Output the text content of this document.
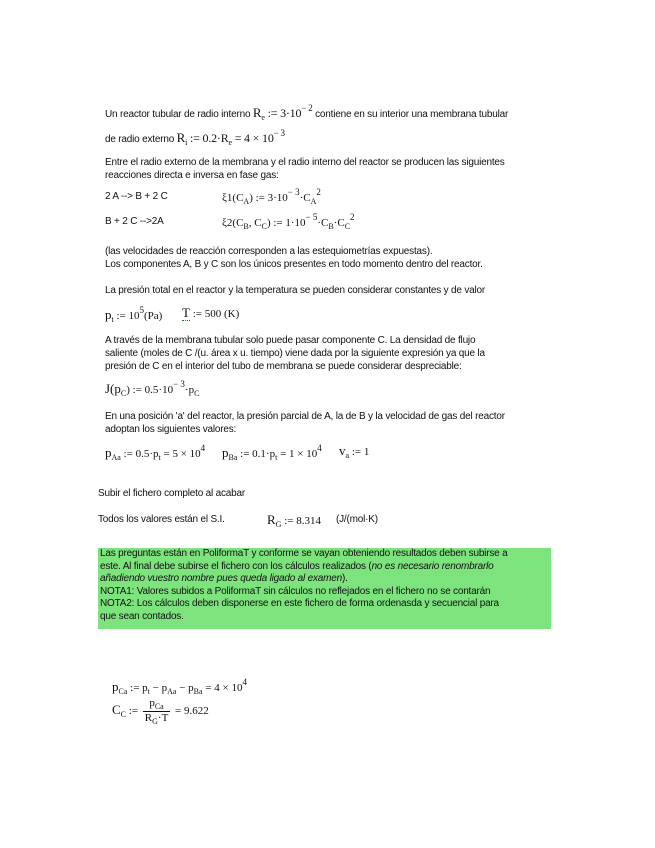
Un reactor tubular de radio interno $R_e$ := $3\cdot 10^{- 2}$ contiene en su interior una membrana tubular
de radio externo $R_i$ := $0.2\cdot R_e = 4 \times 10^{- 3}$
Entre el radio externo de la membrana y el radio interno del reactor se producen las siguientes
reacciones directa e inversa en fase gas:
2 A --> B + 2 C	$\xi 1(C_A)$ := $3\cdot 10^{- 3}\cdot C_A^2$
B + 2 C -->2A	$\xi 2(C_B$, $C_C$) := $1\cdot 10^{- 5}\cdot C_B\cdot C_C^2$
(las velocidades de reacción corresponden a las estequiometrías expuestas).
Los componentes A, B y C son los únicos presentes en todo momento dentro del reactor.
La presión total en el reactor y la temperatura se pueden considerar constantes y de valor
$p_t$ := $10^5(Pa)$ T := 500 (K)
A través de la membrana tubular solo puede pasar componente C. La densidad de flujo
saliente (moles de C /(u. área x u. tiempo) viene dada por la siguiente expresión ya que la
presión de C en el interior del tubo de membrana se puede considerar despreciable:
$J(p_C)$ := $0.5\cdot 10^{- 3}\cdot p_C$
En una posición 'a' del reactor, la presión parcial de A, la de B y la velocidad de gas del reactor
adoptan los siguientes valores:
$p_{Aa}$ := $0.5\cdot p_t = 5 \times 10^4$ $p_{Ba}$ := $0.1\cdot p_t = 1 \times 10^4$ $v_a$ := 1
Subir el fichero completo al acabar
Todos los valores están el S.I.	$R_G$ := 8.314 (J/(mol·K)
Las preguntas están en PoliformaT y conforme se vayan obteniendo resultados deben subirse a
este. Al final debe subirse el fichero con los cálculos realizados (no es necesario renombrarlo
añadiendo vuestro nombre pues queda ligado al examen).
NOTA1: Valores subidos a PoliformaT sin cálculos no reflejados en el fichero no se contarán
NOTA2: Los cálculos deben disponerse en este fichero de forma ordenasda y secuencial para
que sean contados.
$p_{Ca}$ := $p_t - p_{Aa} - p_{Ba} = 4 \times 10^4$
$C_C$ := $\frac{p_{Ca}}{R_G\cdot T} = 9.622$
